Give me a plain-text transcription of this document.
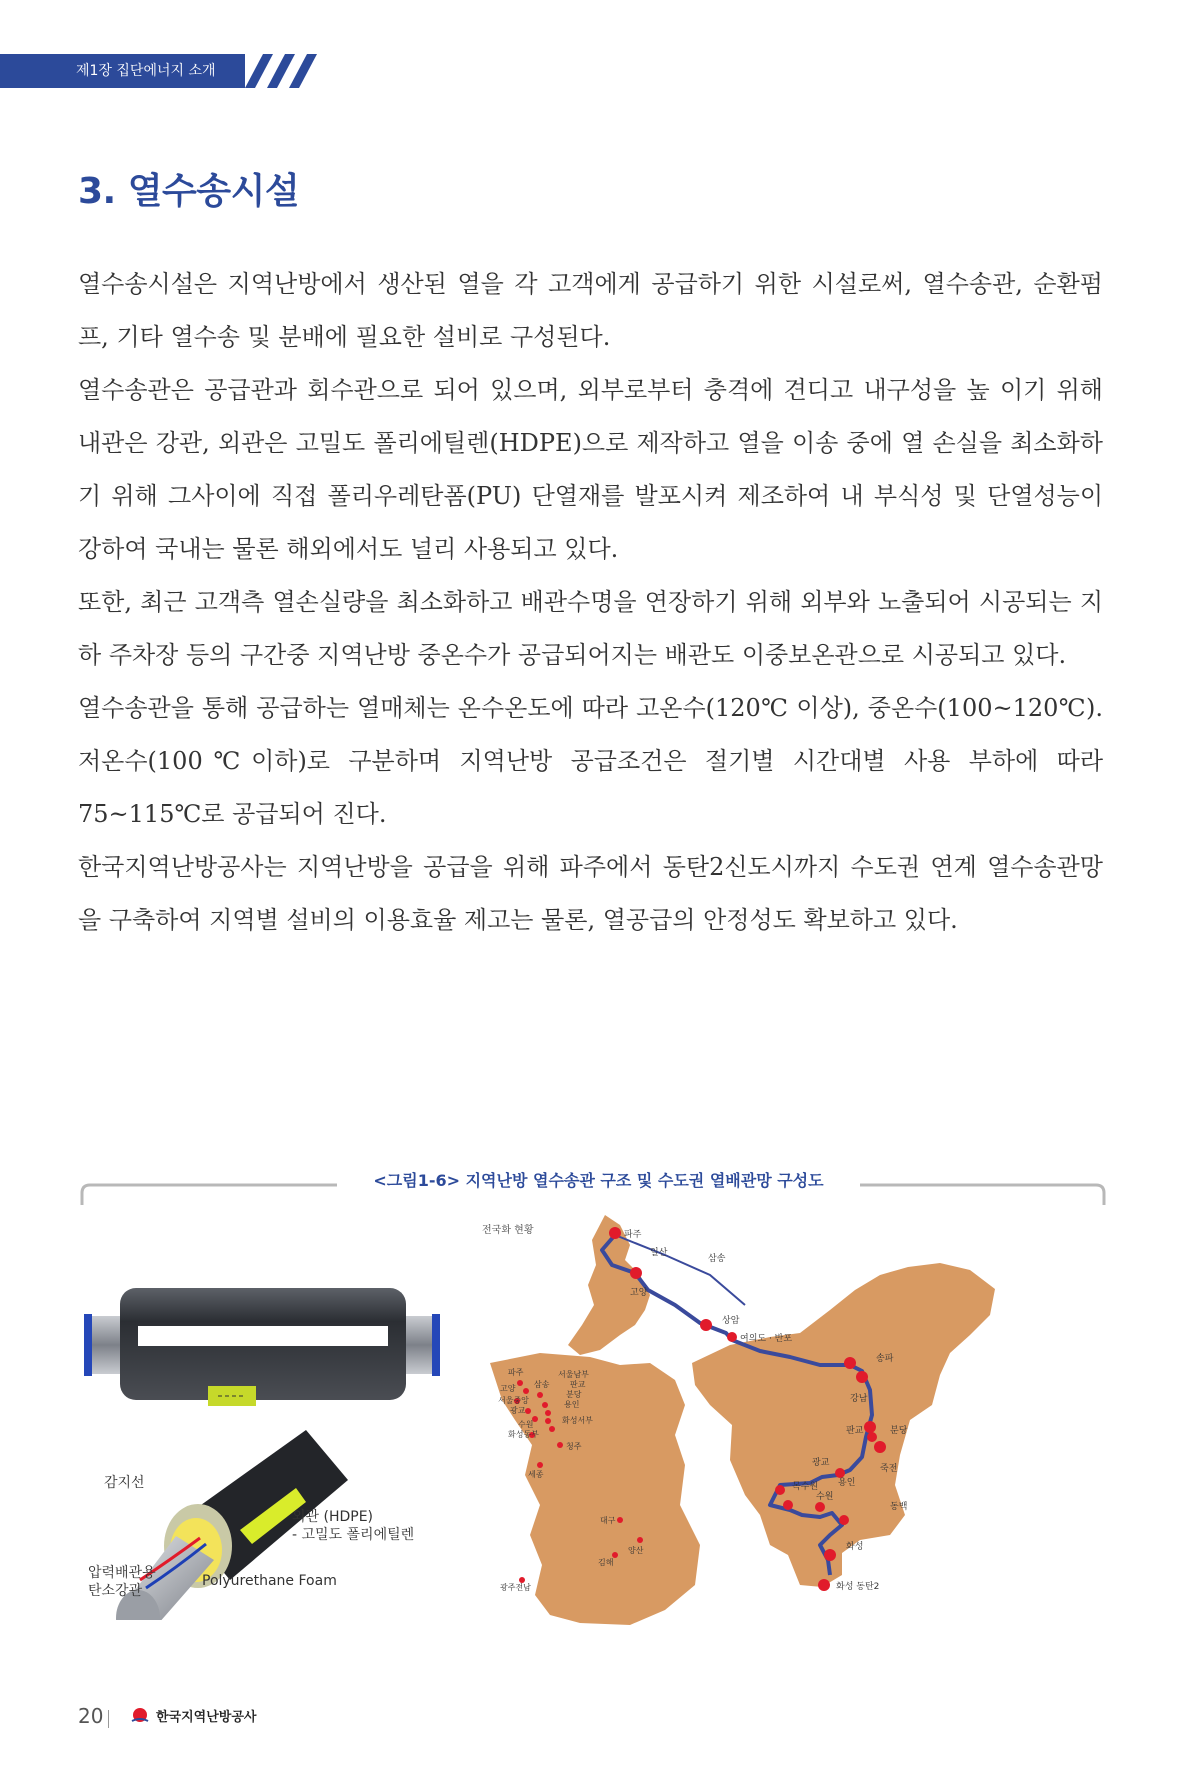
제1장 집단에너지 소개
3. 열수송시설

열수송시설은 지역난방에서 생산된 열을 각 고객에게 공급하기 위한 시설로써, 열수송관, 순환펌프, 기타 열수송 및 분배에 필요한 설비로 구성된다.

열수송관은 공급관과 회수관으로 되어 있으며, 외부로부터 충격에 견디고 내구성을 높 이기 위해 내관은 강관, 외관은 고밀도 폴리에틸렌(HDPE)으로 제작하고 열을 이송 중에 열 손실을 최소화하기 위해 그사이에 직접 폴리우레탄폼(PU) 단열재를 발포시켜 제조하여 내 부식성 및 단열성능이 강하여 국내는 물론 해외에서도 널리 사용되고 있다.

또한, 최근 고객측 열손실량을 최소화하고 배관수명을 연장하기 위해 외부와 노출되어 시공되는 지하 주차장 등의 구간중 지역난방 중온수가 공급되어지는 배관도 이중보온관으로 시공되고 있다.

열수송관을 통해 공급하는 열매체는 온수온도에 따라 고온수(120℃ 이상), 중온수(100~120℃). 저온수(100℃이하)로 구분하며 지역난방 공급조건은 절기별 시간대별 사용 부하에 따라 75~115℃로 공급되어 진다.

한국지역난방공사는 지역난방을 공급을 위해 파주에서 동탄2신도시까지 수도권 연계 열수송관망을 구축하여 지역별 설비의 이용효율 제고는 물론, 열공급의 안정성도 확보하고 있다.

<그림1-6> 지역난방 열수송관 구조 및 수도권 열배관망 구성도
감지선
외관 (HDPE)
- 고밀도 폴리에틸렌
압력배관용
탄소강관
Polyurethane Foam
전국화 현황
파주
삼송
고양
서울중앙
광교
수원
화성동부
서울남부
판교
분당
용인
화성서부
청주
세종
대구
양산
김해
광주전남
파주
일산
삼송
고양
상암
여의도 · 반포
송파
강남
판교	분당
광교
죽전
용인
목수원
수원
동백
화성
화성 동탄2
20	한국지역난방공사
